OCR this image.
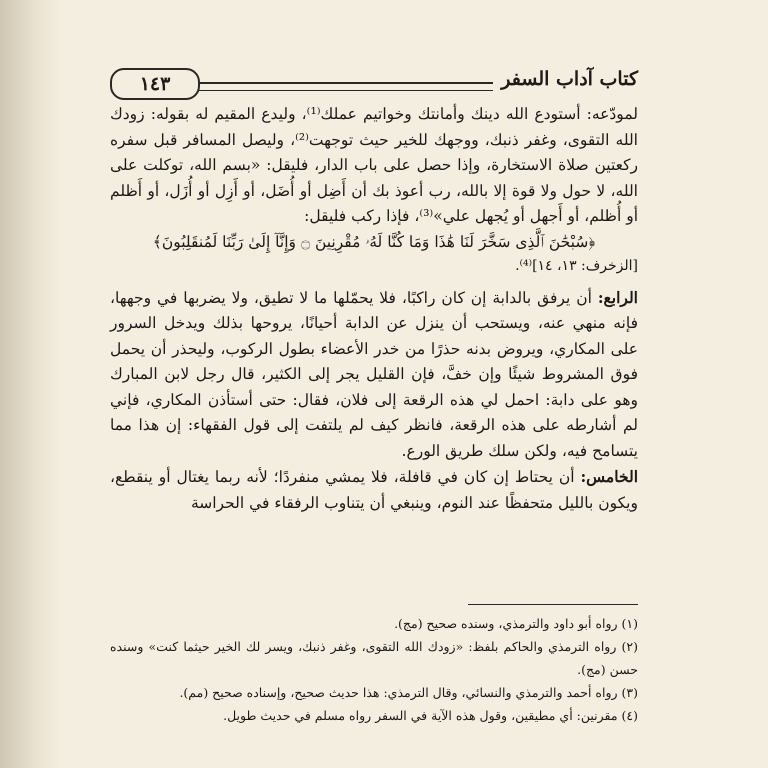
كتاب آداب السفر
١٤٣

لمودّعه: أستودع الله دينك وأمانتك وخواتيم عملك⁽¹⁾، وليدع المقيم له بقوله: زودك الله التقوى، وغفر ذنبك، ووجهك للخير حيث توجهت⁽²⁾، وليصل المسافر قبل سفره ركعتين صلاة الاستخارة، وإذا حصل على باب الدار، فليقل: «بسم الله، توكلت على الله، لا حول ولا قوة إلا بالله، رب أعوذ بك أن أَضِل أو أُضَل، أو أَزِل أو أُزَل، أو أَظلم أو أُظلم، أو أَجهل أو يُجهل علي»⁽³⁾، فإذا ركب فليقل:

﴿سُبْحَٰنَ ٱلَّذِى سَخَّرَ لَنَا هَٰذَا وَمَا كُنَّا لَهُۥ مُقْرِنِينَ ۝ وَإِنَّآ إِلَىٰ رَبِّنَا لَمُنقَلِبُونَ﴾

[الزخرف: ١٣، ١٤]⁽⁴⁾.

الرابع: أن يرفق بالدابة إن كان راكبًا، فلا يحمّلها ما لا تطيق، ولا يضربها في وجهها، فإنه منهي عنه، ويستحب أن ينزل عن الدابة أحيانًا، يروحها بذلك ويدخل السرور على المكاري، ويروض بدنه حذرًا من خدر الأعضاء بطول الركوب، وليحذر أن يحمل فوق المشروط شيئًا وإن خفَّ، فإن القليل يجر إلى الكثير، قال رجل لابن المبارك وهو على دابة: احمل لي هذه الرقعة إلى فلان، فقال: حتى أستأذن المكاري، فإني لم أشارطه على هذه الرقعة، فانظر كيف لم يلتفت إلى قول الفقهاء: إن هذا مما يتسامح فيه، ولكن سلك طريق الورع.

الخامس: أن يحتاط إن كان في قافلة، فلا يمشي منفردًا؛ لأنه ربما يغتال أو ينقطع، ويكون بالليل متحفظًا عند النوم، وينبغي أن يتناوب الرفقاء في الحراسة

(١) رواه أبو داود والترمذي، وسنده صحيح (مج).

(٢) رواه الترمذي والحاكم بلفظ: «زودك الله التقوى، وغفر ذنبك، ويسر لك الخير حيثما كنت» وسنده حسن (مج).

(٣) رواه أحمد والترمذي والنسائي، وقال الترمذي: هذا حديث صحيح، وإسناده صحيح (مم).

(٤) مقرنين: أي مطيقين، وقول هذه الآية في السفر رواه مسلم في حديث طويل.
